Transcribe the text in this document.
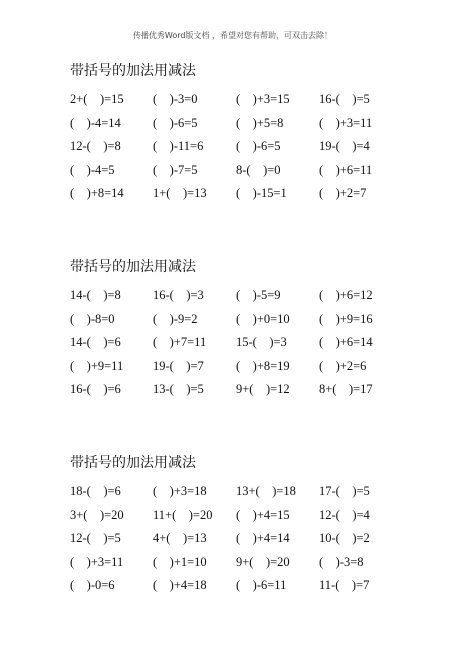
传播优秀Word版文档 ，希望对您有帮助，可双击去除！
带括号的加法用减法
2+(    )=15	(    )-3=0	(    )+3=15	16-(    )=5
(    )-4=14	(    )-6=5	(    )+5=8	(    )+3=11
12-(    )=8	(    )-11=6	(    )-6=5	19-(    )=4
(    )-4=5	(    )-7=5	8-(    )=0	(    )+6=11
(    )+8=14	1+(    )=13	(    )-15=1	(    )+2=7
带括号的加法用减法
14-(    )=8	16-(    )=3	(    )-5=9	(    )+6=12
(    )-8=0	(    )-9=2	(    )+0=10	(    )+9=16
14-(    )=6	(    )+7=11	15-(    )=3	(    )+6=14
(    )+9=11	19-(    )=7	(    )+8=19	(    )+2=6
16-(    )=6	13-(    )=5	9+(    )=12	8+(    )=17
带括号的加法用减法
18-(    )=6	(    )+3=18	13+(    )=18	17-(    )=5
3+(    )=20	11+(    )=20	(    )+4=15	12-(    )=4
12-(    )=5	4+(    )=13	(    )+4=14	10-(    )=2
(    )+3=11	(    )+1=10	9+(    )=20	(    )-3=8
(    )-0=6	(    )+4=18	(    )-6=11	11-(    )=7
